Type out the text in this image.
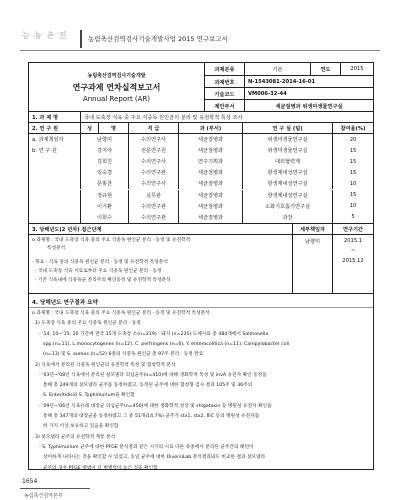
능 농 촌 진	농림축산검역검사기술개발사업 2015 연구보고서
농림축산검역검사기술개발
연구과제 연차실적보고서
Annual Report (AR)
과제분류	기본	연도	2015
과제번호	N-1543081-2014-16-01
기술코드	VM006-32-44
제안부서	세균질병과 위생미생물연구실
1. 과 제 명	국내 도축장 식육 중 주요 식중독 원인균의 분리 및 유전학적 특성 조사
2. 연 구 원	성	명	직 급	과 (부서)	연 구 실 (팀)	참여율(%)
a. 과제책임자	남향미	수의연구사	세균질병과	위생미생물연구실	20
b. 연 구 원	강지아	전문연구원	세균질병과	위생미생물연구실	15
김희진	수의연구사	연구기획과	대외협력계	15
임숙경	수의연구관	세균질병과	항생제내성연구실	15
문홍찬	수의연구사	세균질병과	항생제내성연구실	10
정규현	실무관	세균질병과	항생제내성연구실	15
이기환	수의연구관	세균질병과	소화기호흡기연구실	10
이희수	수의연구관	세균질병과	과장	5
3. 당해년도(2 년차) 접근단계	세부책임자	연구기간
남향미	2015.1
~
2015.12
o 과제명 : 국내 도축장 식육 중의 주요 식중독 원인균 분리 · 동정 및 유전학적
특성분석
- 목표 : 식육 중의 식중독 원인균 분리 · 동정 및 유전학적 특성분석
· 국내 도축장 식육 시료로부터 주요 식중독 원인균 분리 · 동정
· 기존 식육내에 식중독균 분리주의 확인동정 및 유전학적 특성분석
4. 당해년도 연구결과 요약
o 과제명 : 국내 도축장 식육 중의 주요 식중독 원인균 분리 · 동정 및 유전학적 특성분석
1) 도축장 식육 중의 주요 식중독 원인균 분리 · 동정
- '14, 10~'15, 10 기간에 전국 15개 도축장 소(n=219) · 돼지 (n=235) 도체시료 총 484개에서 Salmonella
spp.(n=11), L.monocytogenes (n=12), C. perfringens (n=6), Y. enterocolitica (n=11), Campylobacter coli
(n=13) 및 S. aureus (n=52) 6종의 식중독 원인균 총 97주 분리 · 동정 완료
2) 식육에서 분리된 식중독 원인균의 유전학적 특성 및 혈청학적 분석
- '03년~'08년 식육에서 분리된 살모넬라 의심균주(n=410)에 대해 생화학적 특성 및 invA 유전자 확인 동정을
통해 총 249개의 살모넬라 균주를 동정하였고, 동정된 균주에 대한 혈청형 검사 결과 105주 및 36주의
S. Enteritidis와 S. Typhimurium을 확인함
- '09년~'06년 식육유래 대장균 의심균주(n=450)에 대한 생화학적 성상 및 shigatoxin 등 병원성 유전자 확인을
통해 총 347개의 대장균을 동정하였고 그 중 51개(14.7%) 균주가 stx1, stx2, fliC 등의 병원성 유전자를
한 가지 이상 보유하고 있음을 확인함
3) 살모넬라 균주의 유전학적 계통 분석
- S. Typhimurium 균주에 대한 PFGE 분석결과 같은 시기의 시료 다른 축종에서 분리된 균주간의 패턴이
상이하게 나타나는 것을 확인할 수 있었고, 동일 균주에 대한 DiversiLab 분석결과와도 비교한 결과 살모넬라
균주의 경우 PFGE 방법이 더 변별력이 높은 것을 확인함
1654
농림축산검역본부
